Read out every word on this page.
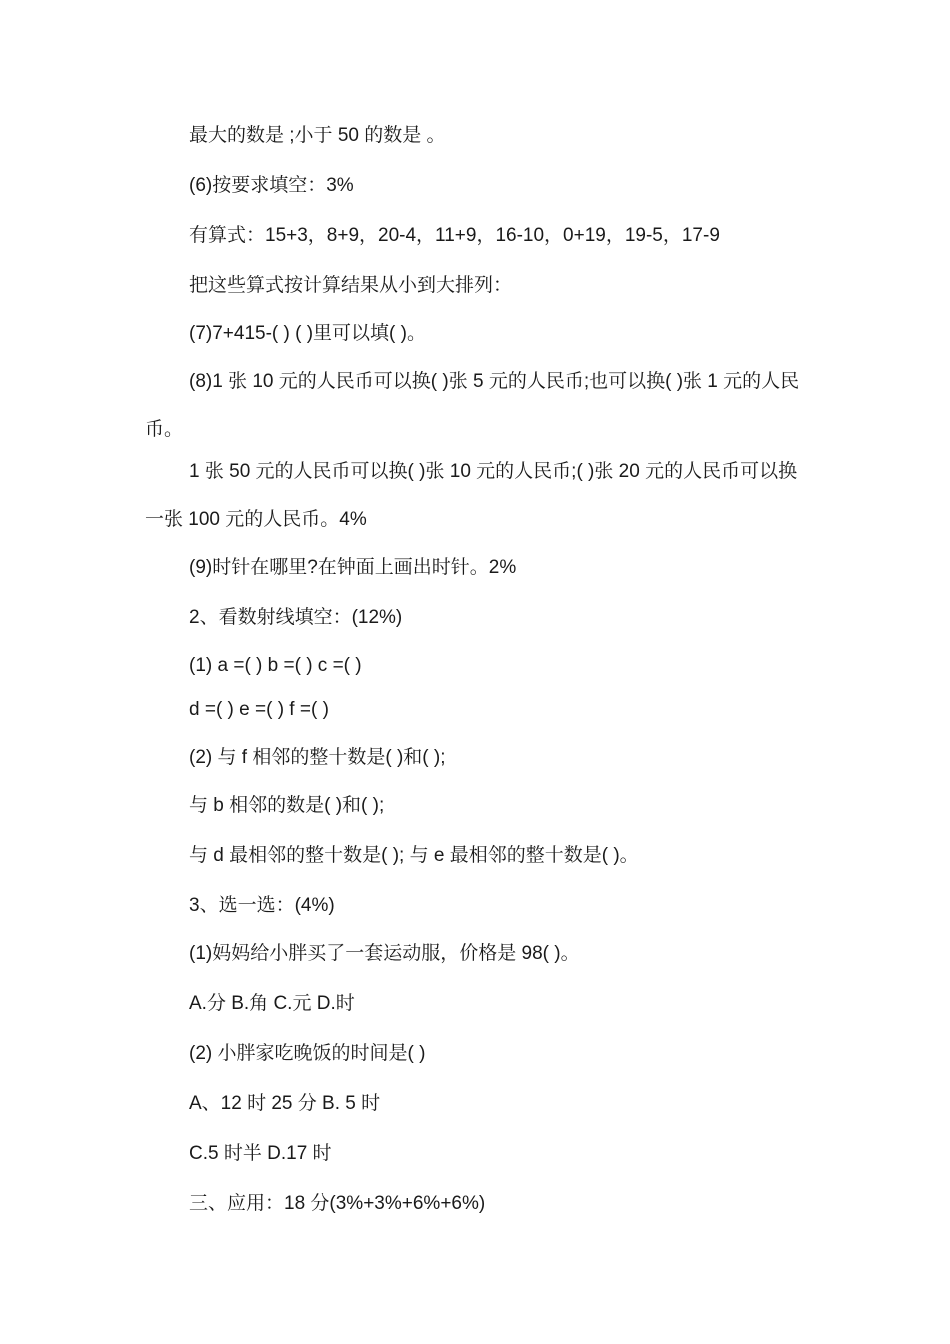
最大的数是 ;小于 50 的数是 。

(6)按要求填空：3%

有算式：15+3，8+9，20-4，11+9，16-10，0+19，19-5，17-9

把这些算式按计算结果从小到大排列：

(7)7+415-( ) ( )里可以填( )。

(8)1 张 10 元的人民币可以换( )张 5 元的人民币;也可以换( )张 1 元的人民币。

1 张 50 元的人民币可以换( )张 10 元的人民币;( )张 20 元的人民币可以换一张 100 元的人民币。4%

(9)时针在哪里?在钟面上画出时针。2%

2、看数射线填空：(12%)

(1) a =( ) b =( ) c =( )

d =( ) e =( ) f =( )

(2) 与 f 相邻的整十数是( )和( );

与 b 相邻的数是( )和( );

与 d 最相邻的整十数是( ); 与 e 最相邻的整十数是( )。

3、选一选：(4%)

(1)妈妈给小胖买了一套运动服，价格是 98( )。

A.分 B.角 C.元 D.时

(2) 小胖家吃晚饭的时间是( )

A、12 时 25 分 B. 5 时

C.5 时半 D.17 时

三、应用：18 分(3%+3%+6%+6%)
